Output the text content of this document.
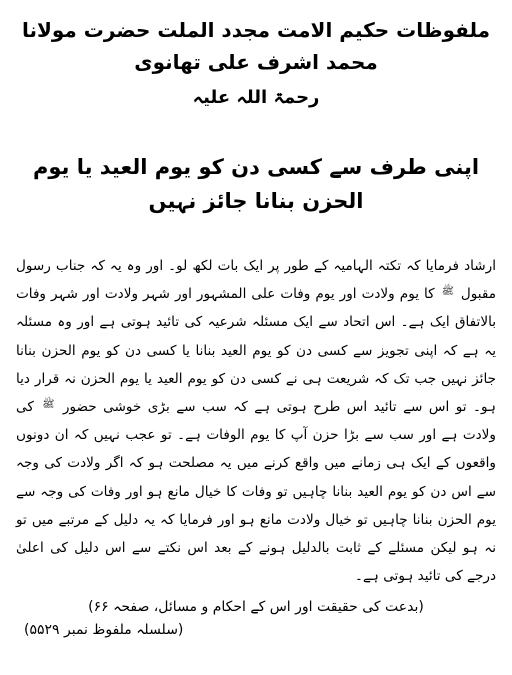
ملفوظات حکیم الامت مجدد الملت حضرت مولانا محمد اشرف علی تھانوی
رحمۃ اللہ علیہ
اپنی طرف سے کسی دن کو یوم العید یا یوم الحزن بنانا جائز نہیں

ارشاد فرمایا کہ تکتہ الہامیہ کے طور پر ایک بات لکھ لو۔ اور وہ یہ کہ جناب رسول مقبول ﷺ کا یوم ولادت اور یوم وفات علی المشہور اور شہر ولادت اور شہر وفات بالاتفاق ایک ہے۔ اس اتحاد سے ایک مسئلہ شرعیہ کی تائید ہوتی ہے اور وہ مسئلہ یہ ہے کہ اپنی تجویز سے کسی دن کو یوم العید بنانا یا کسی دن کو یوم الحزن بنانا جائز نہیں جب تک کہ شریعت ہی نے کسی دن کو یوم العید یا یوم الحزن نہ قرار دیا ہو۔ تو اس سے تائید اس طرح ہوتی ہے کہ سب سے بڑی خوشی حضور ﷺ کی ولادت ہے اور سب سے بڑا حزن آپ کا یوم الوفات ہے۔ تو عجب نہیں کہ ان دونوں واقعوں کے ایک ہی زمانے میں واقع کرنے میں یہ مصلحت ہو کہ اگر ولادت کی وجہ سے اس دن کو یوم العید بنانا چاہیں تو وفات کا خیال مانع ہو اور وفات کی وجہ سے یوم الحزن بنانا چاہیں تو خیال ولادت مانع ہو اور فرمایا کہ یہ دلیل کے مرتبے میں تو نہ ہو لیکن مسئلے کے ثابت بالدلیل ہونے کے بعد اس نکتے سے اس دلیل کی اعلیٰ درجے کی تائید ہوتی ہے۔

(بدعت کی حقیقت اور اس کے احکام و مسائل، صفحہ ۶۶)
(سلسلہ ملفوظ نمبر ۵۵۲۹)
